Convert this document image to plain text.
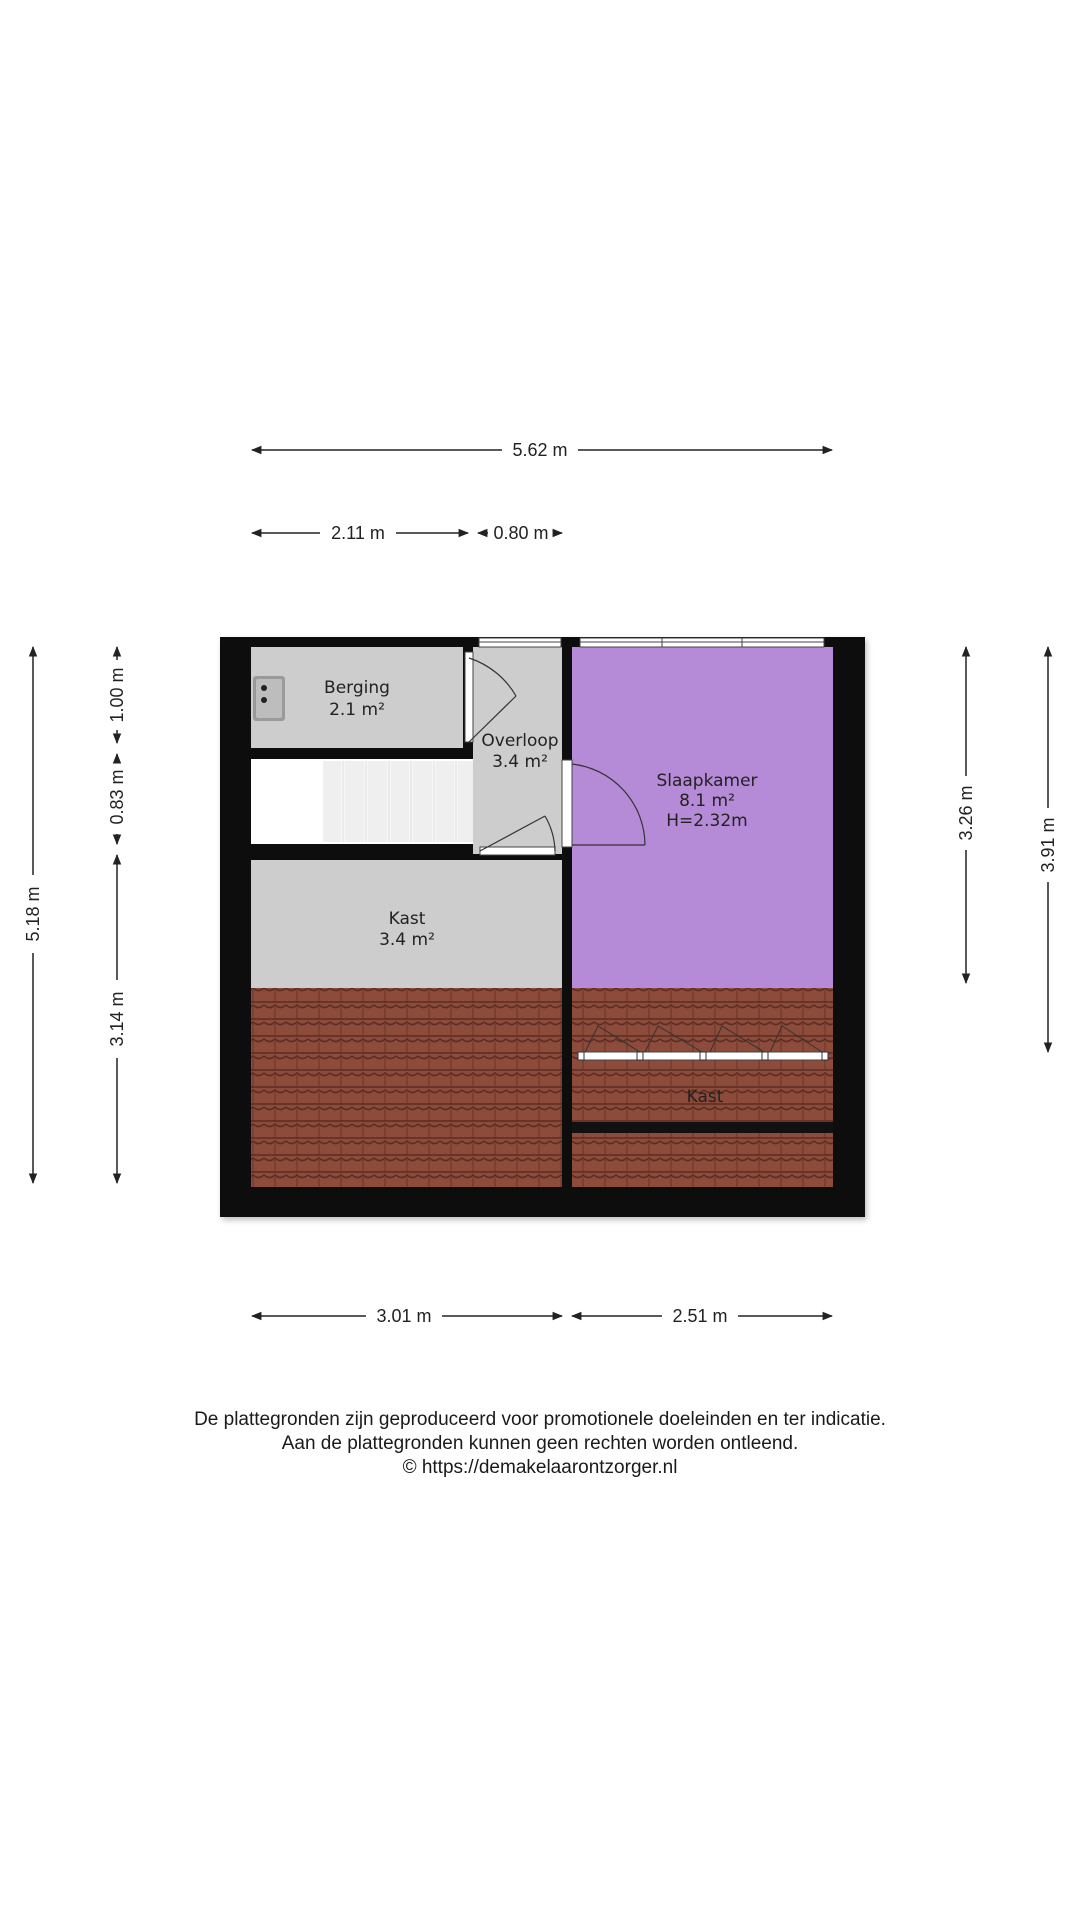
5.62 m
2.11 m	0.80 m
3.01 m	2.51 m
5.18 m
1.00 m
0.83 m
3.14 m
3.26 m
3.91 m
Berging
2.1 m²
Overloop
3.4 m²
Slaapkamer
8.1 m²
H=2.32m
Kast
3.4 m²
Kast
De plattegronden zijn geproduceerd voor promotionele doeleinden en ter indicatie.
Aan de plattegronden kunnen geen rechten worden ontleend.
© https://demakelaarontzorger.nl
